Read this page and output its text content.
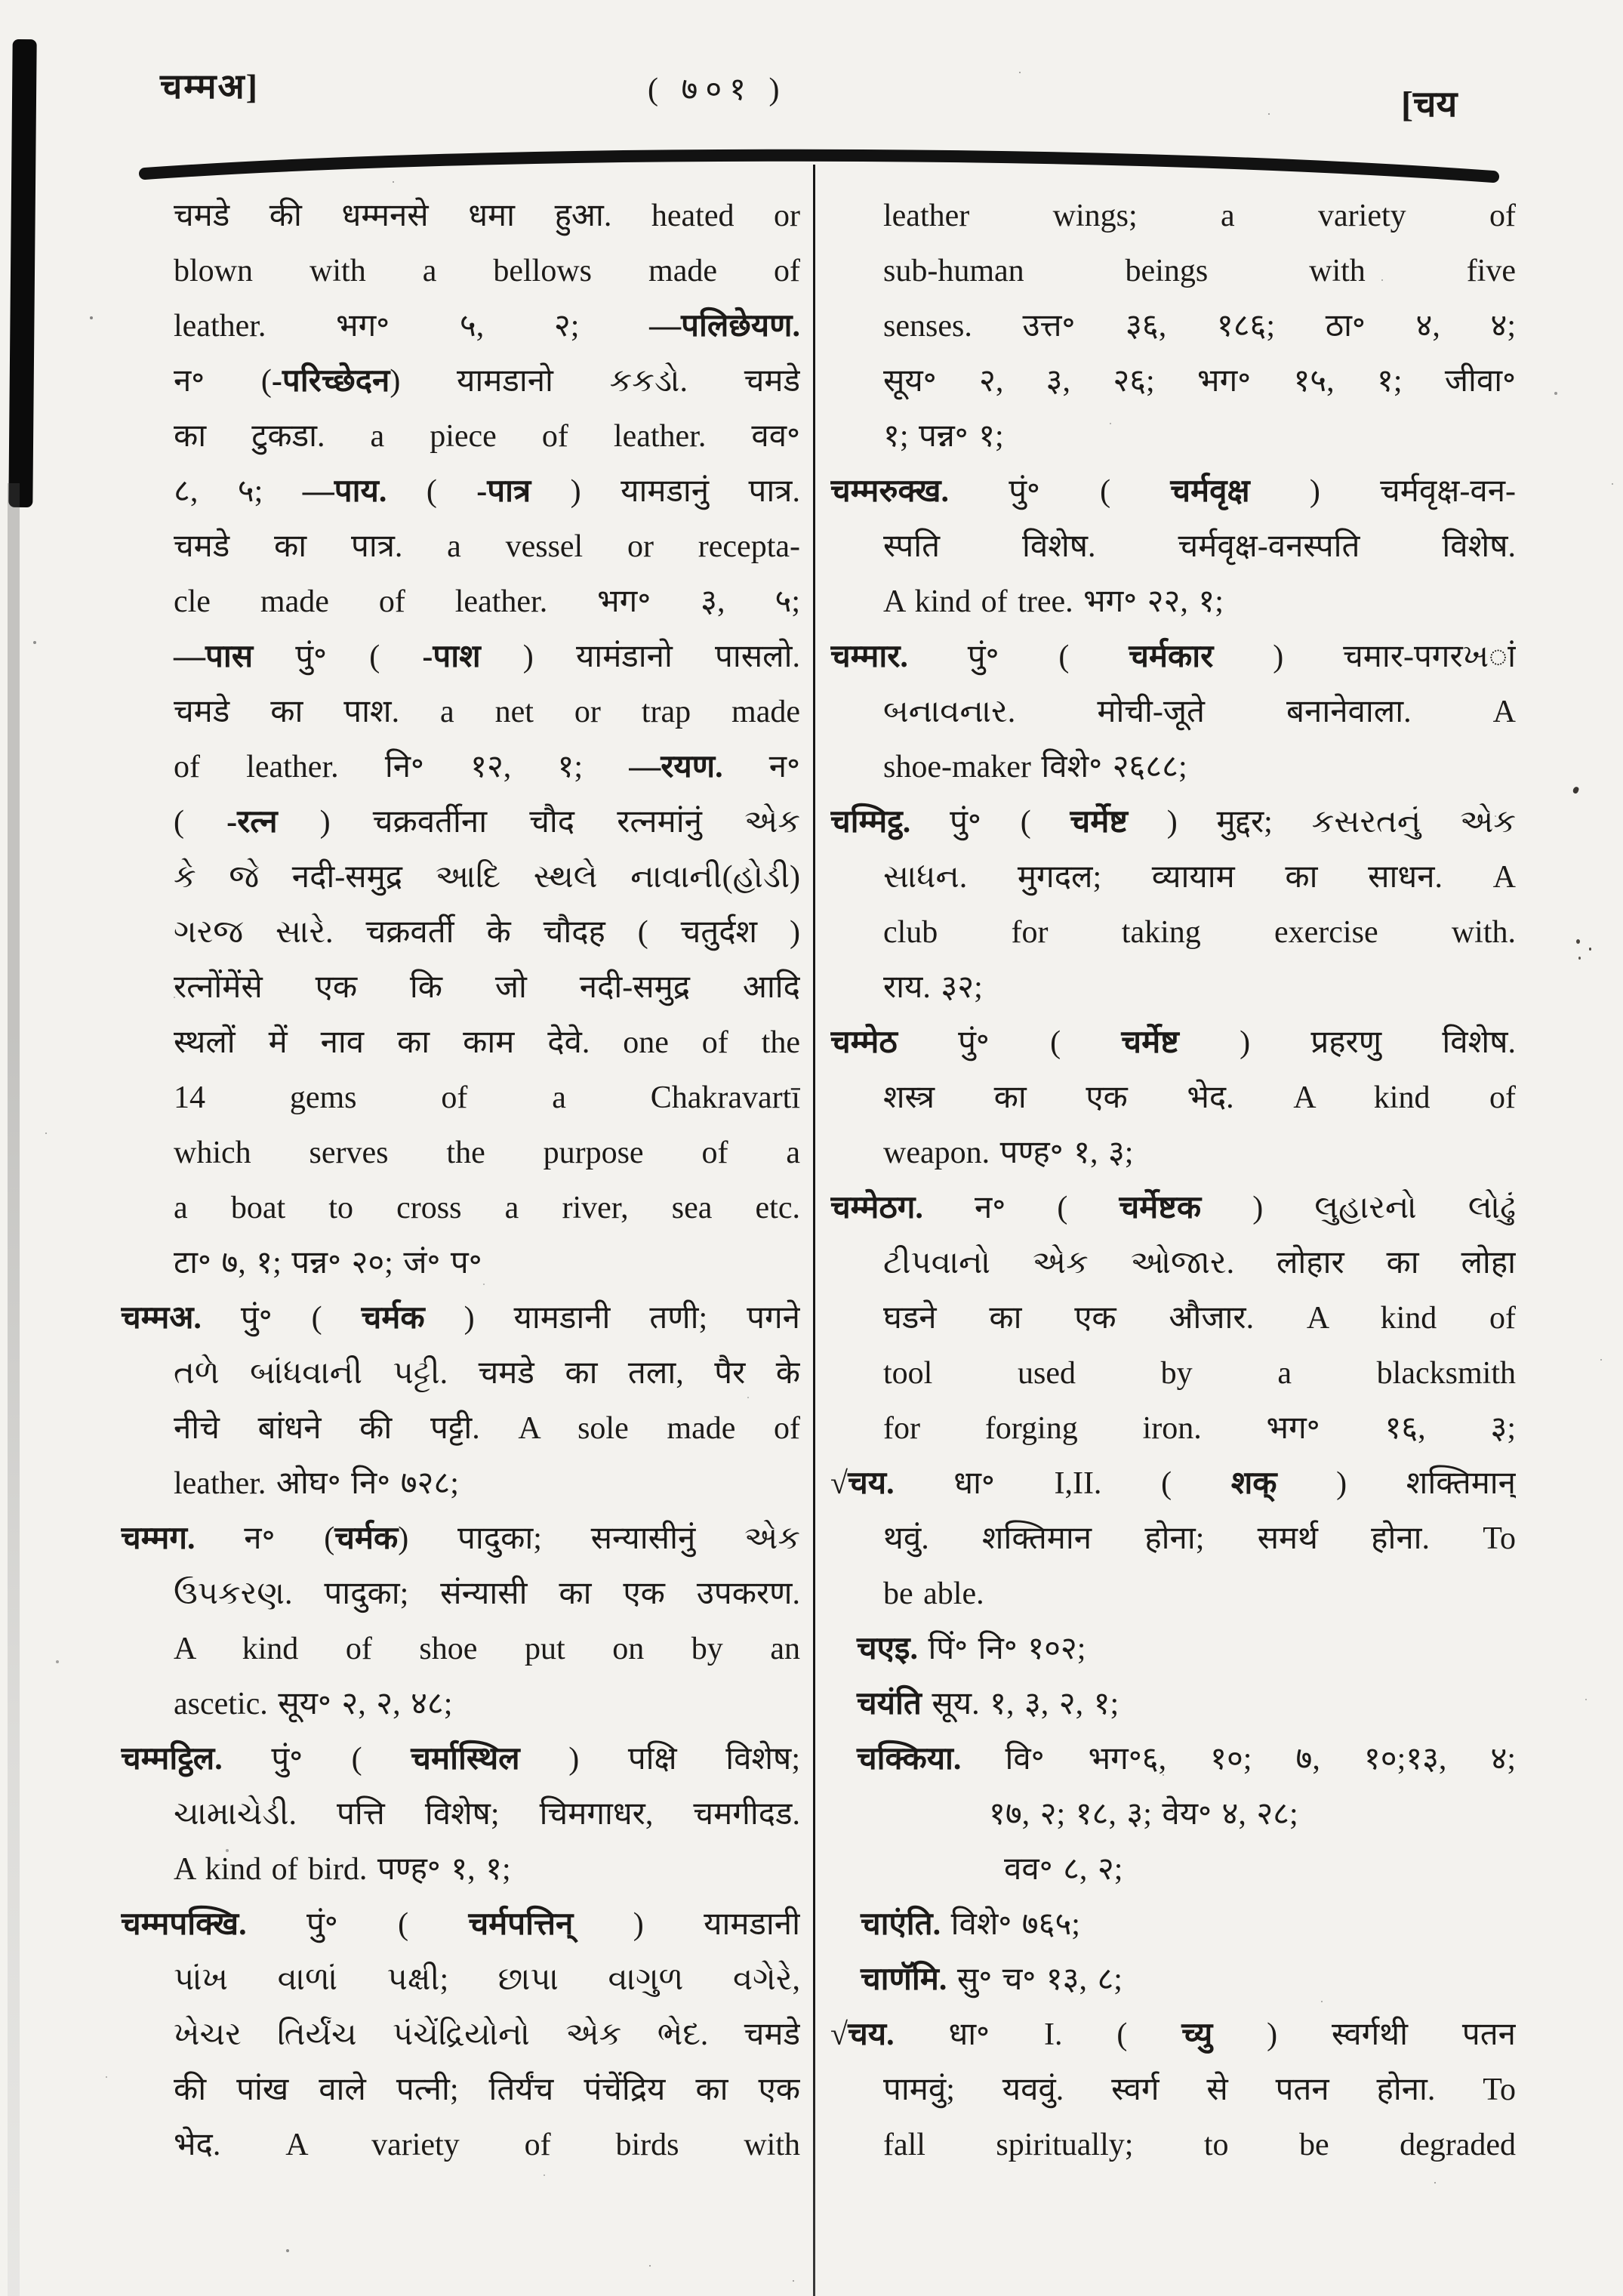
चम्मअ]	( ७०१ )	[चय
चमडे की धम्मनसे धमा हुआ. heated or
blown with a bellows made of
leather. भग॰ ५, २; —पलिछेयण.
न॰ (-परिच्छेदन) यामडानो કકડો. चमडे
का टुकडा. a piece of leather. वव॰
८, ५; —पाय. ( -पात्र ) यामडानुं पात्र.
चमडे का पात्र. a vessel or recepta-
cle made of leather. भग॰ ३, ५;
—पास पुं॰ ( -पाश ) यामंडानो पासलो.
चमडे का पाश. a net or trap made
of leather. नि॰ १२, १; —रयण. न॰
( -रत्न ) चक्रवर्तीना चौद रत्नमांनुं એક
કે જે नदी-समुद्र આદિ સ્થલે નાવાની(હોડી)
ગરજ સારે. चक्रवर्ती के चौदह ( चतुर्दश )
रत्नोंमेंसे एक कि जो नदी-समुद्र आदि
स्थलों में नाव का काम देवे. one of the
14 gems of a Chakravartī
which serves the purpose of a
a boat to cross a river, sea etc.
टा॰ ७, १; पन्न॰ २०; जं॰ प॰
चम्मअ. पुं॰ ( चर्मक ) यामडानी तणी; पगने
તળે બાંધવાની પટ્ટી. चमडे का तला, पैर के
नीचे बांधने की पट्टी. A sole made of
leather. ओघ॰ नि॰ ७२८;
चम्मग. न॰ (चर्मक) पादुका; सन्यासीनुं એક
ઉપકરણ. पादुका; संन्यासी का एक उपकरण.
A kind of shoe put on by an
ascetic. सूय॰ २, २, ४८;
चम्मट्ठिल. पुं॰ ( चर्मास्थिल ) पक्षि विशेष;
ચામાચેડી. पत्ति विशेष; चिमगाधर, चमगीदड.
A kind of bird. पण्ह॰ १, १;
चम्मपक्खि. पुं॰ ( चर्मपत्तिन् ) यामडानी
પાંખ વાળાં પક્ષી; છાપા વાગુળ વગેરે,
ખેચર તિર્યંચ પંચેંદ્રિયોનો એક ભેદ. चमडे
की पांख वाले पत्नी; तिर्यंच पंचेंद्रिय का एक
भेद. A variety of birds with
leather wings; a variety of
sub-human beings with five
senses. उत्त॰ ३६, १८६; ठा॰ ४, ४;
सूय॰ २, ३, २६; भग॰ १५, १; जीवा॰
१; पन्न॰ १;
चम्मरुक्ख. पुं॰ ( चर्मवृक्ष ) चर्मवृक्ष-वन-
स्पति विशेष. चर्मवृक्ष-वनस्पति विशेष.
A kind of tree. भग॰ २२, १;
चम्मार. पुं॰ ( चर्मकार ) चमार-पगरખां
બનાવનાર. मोची-जूते बनानेवाला. A
shoe-maker विशे॰ २६८८;
चम्मिट्ठ. पुं॰ ( चर्मेष्ट ) मुद्दर; કસરતનું એક
સાધન. मुगदल; व्यायाम का साधन. A
club for taking exercise with.
राय. ३२;
चम्मेठ पुं॰ ( चर्मेष्ट ) प्रहरणु विशेष.
शस्त्र का एक भेद. A kind of
weapon. पण्ह॰ १, ३;
चम्मेठग. न॰ ( चर्मेष्टक ) લુહારનો લોઢું
ટીપવાનો એક ઓજાર. लोहार का लोहा
घडने का एक औजार. A kind of
tool used by a blacksmith
for forging iron. भग॰ १६, ३;
√चय. धा॰ I,II. ( शक् ) शक्तिमान्
थवुं. शक्तिमान होना; समर्थ होना. To
be able.
चएइ. पिं॰ नि॰ १०२;
चयंति सूय. १, ३, २, १;
चक्किया. वि॰ भग॰६, १०; ७, १०;१३, ४;
१७, २; १८, ३; वेय॰ ४, २८;
वव॰ ८, २;
चाएंति. विशे॰ ७६५;
चाणॅमि. सु॰ च॰ १३, ८;
√चय. धा॰ I. ( च्यु ) स्वर्गथी पतन
पामवुं; यववुं. स्वर्ग से पतन होना. To
fall spiritually; to be degraded
